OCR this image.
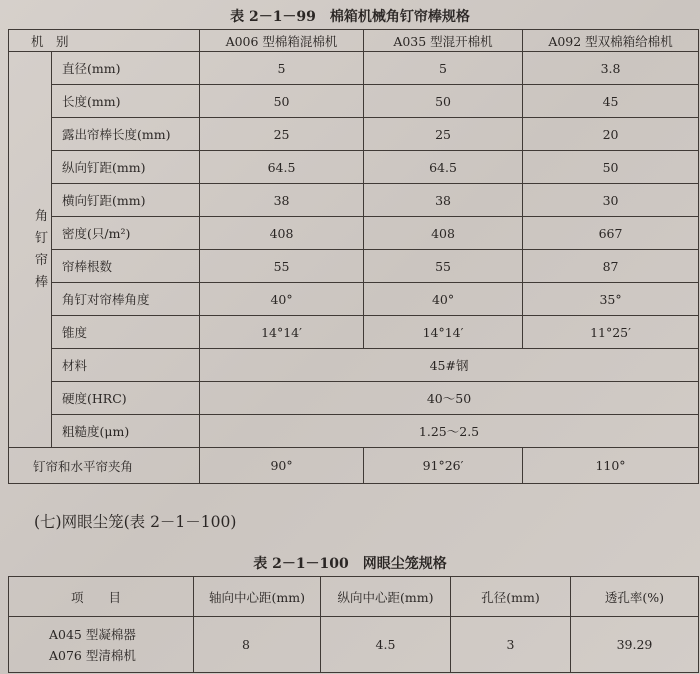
表 2－1－99　棉箱机械角钉帘棒规格
机　别		A006 型棉箱混棉机	A035 型混开棉机	A092 型双棉箱给棉机
角钉帘棒	直径(mm)	5	5	3.8
	长度(mm)	50	50	45
	露出帘棒长度(mm)	25	25	20
	纵向钉距(mm)	64.5	64.5	50
	横向钉距(mm)	38	38	30
	密度(只/m²)	408	408	667
	帘棒根数	55	55	87
	角钉对帘棒角度	40°	40°	35°
	锥度	14°14′	14°14′	11°25′
	材料	45#钢		
	硬度(HRC)	40～50		
	粗糙度(μm)	1.25～2.5		
钉帘和水平帘夹角		90°	91°26′	110°
(七)网眼尘笼(表 2－1－100)
表 2－1－100　网眼尘笼规格
项　　目	轴向中心距(mm)	纵向中心距(mm)	孔径(mm)	透孔率(%)

A045 型凝棉器
A076 型清棉机	8	4.5	3	39.29
